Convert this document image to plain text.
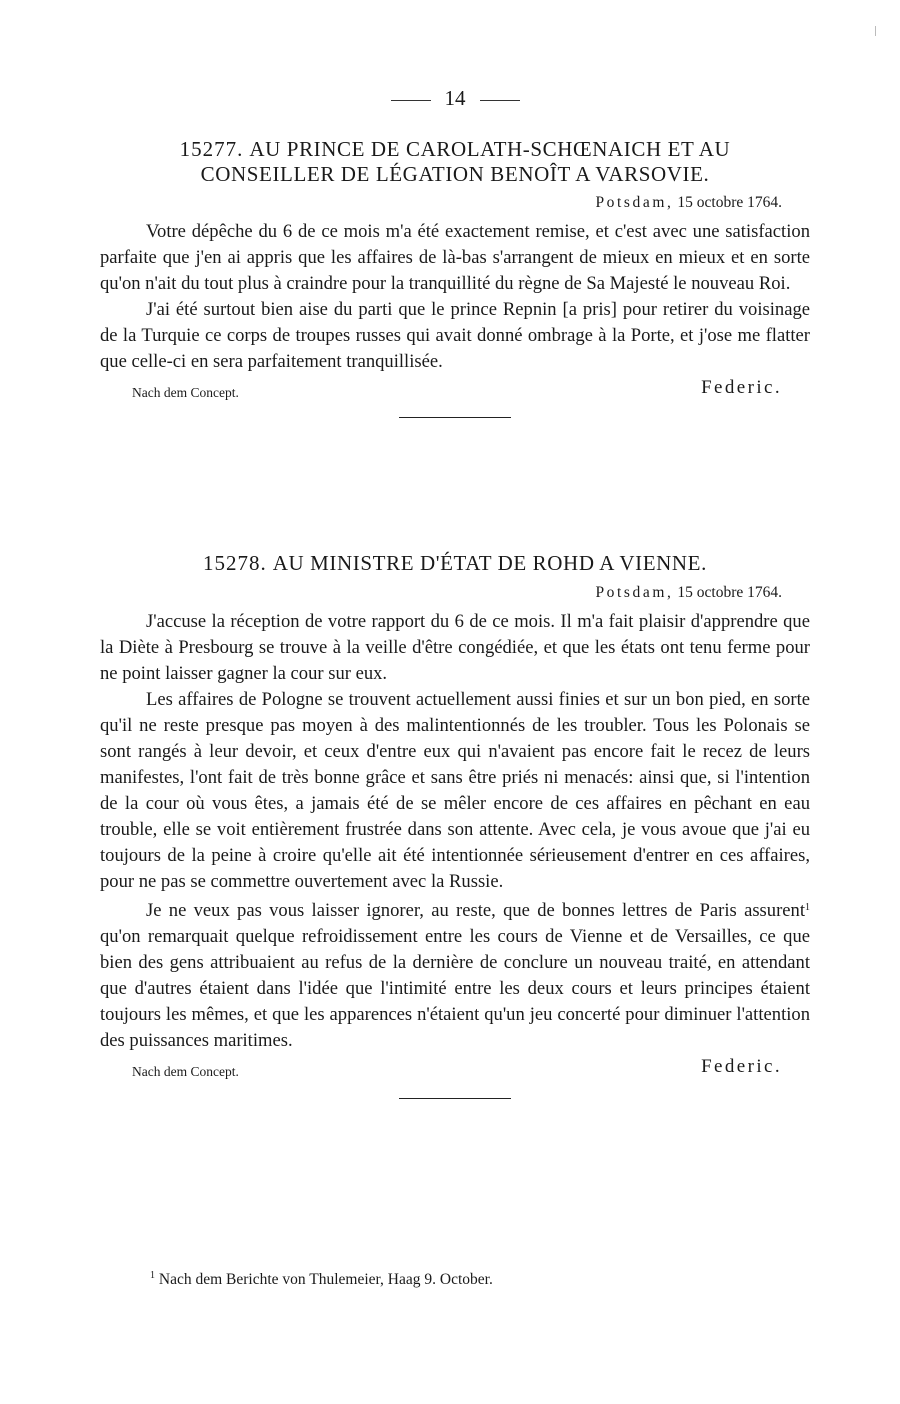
14
15277. AU PRINCE DE CAROLATH-SCHŒNAICH ET AU
CONSEILLER DE LÉGATION BENOÎT A VARSOVIE.
Potsdam, 15 octobre 1764.

Votre dépêche du 6 de ce mois m'a été exactement remise, et c'est avec une satisfaction parfaite que j'en ai appris que les affaires de là-bas s'arrangent de mieux en mieux et en sorte qu'on n'ait du tout plus à craindre pour la tranquillité du règne de Sa Majesté le nouveau Roi.

J'ai été surtout bien aise du parti que le prince Repnin [a pris] pour retirer du voisinage de la Turquie ce corps de troupes russes qui avait donné ombrage à la Porte, et j'ose me flatter que celle-ci en sera parfaitement tranquillisée.

Nach dem Concept.	Federic.
15278. AU MINISTRE D'ÉTAT DE ROHD A VIENNE.
Potsdam, 15 octobre 1764.

J'accuse la réception de votre rapport du 6 de ce mois. Il m'a fait plaisir d'apprendre que la Diète à Presbourg se trouve à la veille d'être congédiée, et que les états ont tenu ferme pour ne point laisser gagner la cour sur eux.

Les affaires de Pologne se trouvent actuellement aussi finies et sur un bon pied, en sorte qu'il ne reste presque pas moyen à des malintentionnés de les troubler. Tous les Polonais se sont rangés à leur devoir, et ceux d'entre eux qui n'avaient pas encore fait le recez de leurs manifestes, l'ont fait de très bonne grâce et sans être priés ni menacés: ainsi que, si l'intention de la cour où vous êtes, a jamais été de se mêler encore de ces affaires en pêchant en eau trouble, elle se voit entièrement frustrée dans son attente. Avec cela, je vous avoue que j'ai eu toujours de la peine à croire qu'elle ait été intentionnée sérieusement d'entrer en ces affaires, pour ne pas se commettre ouvertement avec la Russie.

Je ne veux pas vous laisser ignorer, au reste, que de bonnes lettres de Paris assurent$^1$ qu'on remarquait quelque refroidissement entre les cours de Vienne et de Versailles, ce que bien des gens attribuaient au refus de la dernière de conclure un nouveau traité, en attendant que d'autres étaient dans l'idée que l'intimité entre les deux cours et leurs principes étaient toujours les mêmes, et que les apparences n'étaient qu'un jeu concerté pour diminuer l'attention des puissances maritimes.

Nach dem Concept.	Federic.
$^1$ Nach dem Berichte von Thulemeier, Haag 9. October.
